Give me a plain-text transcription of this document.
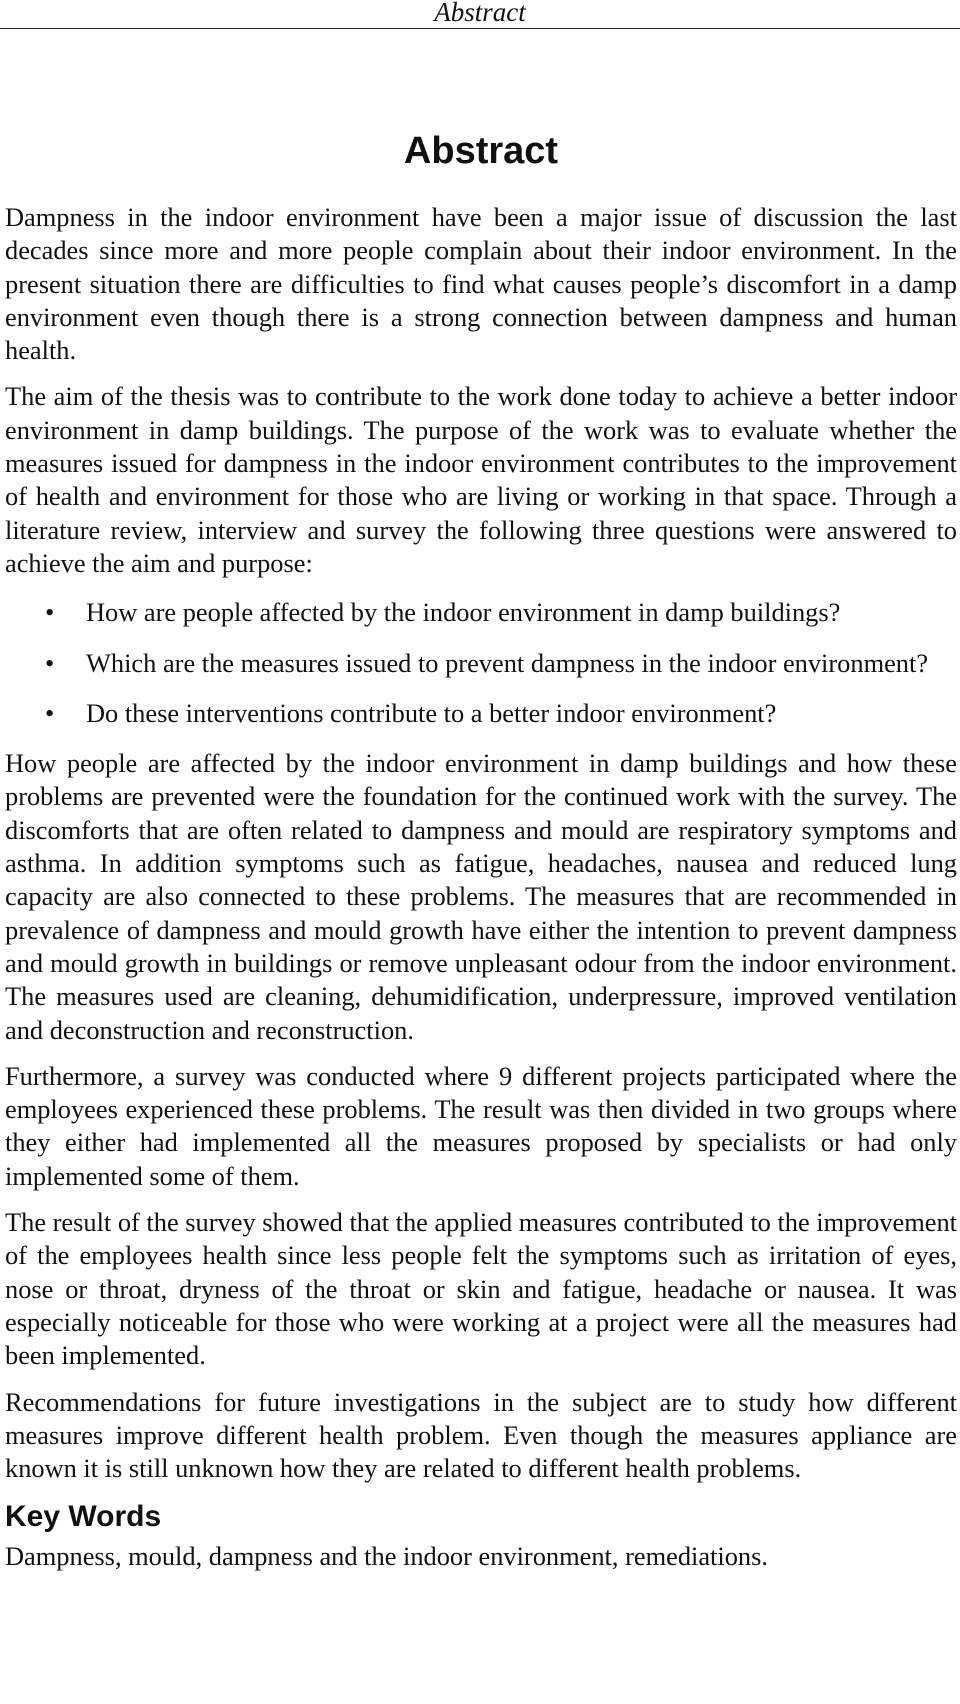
Abstract
Abstract

Dampness in the indoor environment have been a major issue of discussion the last decades since more and more people complain about their indoor environment. In the present situation there are difficulties to find what causes people’s discomfort in a damp environment even though there is a strong connection between dampness and human health.

The aim of the thesis was to contribute to the work done today to achieve a better indoor environment in damp buildings. The purpose of the work was to evaluate whether the measures issued for dampness in the indoor environment contributes to the improvement of health and environment for those who are living or working in that space. Through a literature review, interview and survey the following three questions were answered to achieve the aim and purpose:

• How are people affected by the indoor environment in damp buildings?
• Which are the measures issued to prevent dampness in the indoor environment?
• Do these interventions contribute to a better indoor environment?

How people are affected by the indoor environment in damp buildings and how these problems are prevented were the foundation for the continued work with the survey. The discomforts that are often related to dampness and mould are respiratory symptoms and asthma. In addition symptoms such as fatigue, headaches, nausea and reduced lung capacity are also connected to these problems. The measures that are recommended in prevalence of dampness and mould growth have either the intention to prevent dampness and mould growth in buildings or remove unpleasant odour from the indoor environment. The measures used are cleaning, dehumidification, underpressure, improved ventilation and deconstruction and reconstruction.

Furthermore, a survey was conducted where 9 different projects participated where the employees experienced these problems. The result was then divided in two groups where they either had implemented all the measures proposed by specialists or had only implemented some of them.

The result of the survey showed that the applied measures contributed to the improvement of the employees health since less people felt the symptoms such as irritation of eyes, nose or throat, dryness of the throat or skin and fatigue, headache or nausea. It was especially noticeable for those who were working at a project were all the measures had been implemented.

Recommendations for future investigations in the subject are to study how different measures improve different health problem. Even though the measures appliance are known it is still unknown how they are related to different health problems.

Key Words

Dampness, mould, dampness and the indoor environment, remediations.
